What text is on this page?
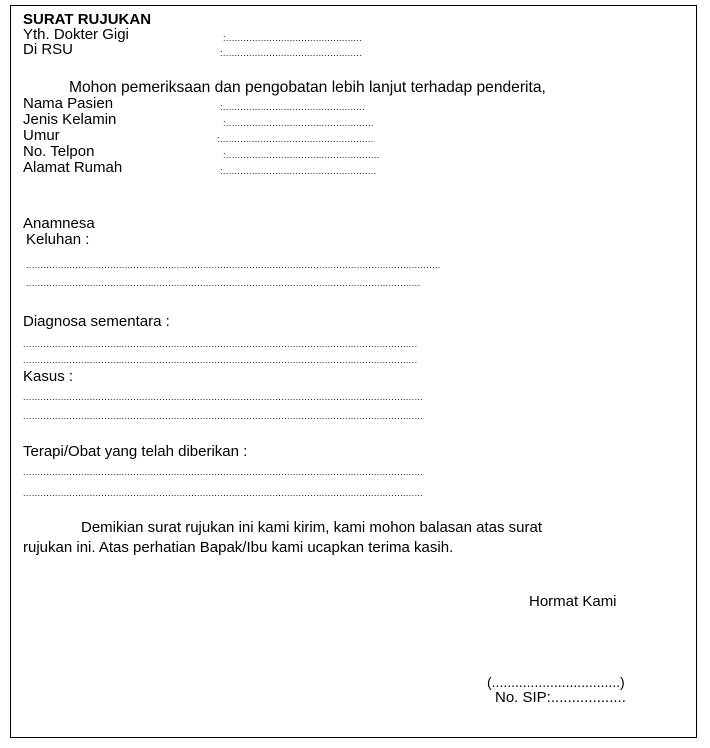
SURAT RUJUKAN
Yth. Dokter Gigi	:...............................................
Di RSU	:................................................
Mohon pemeriksaan dan pengobatan lebih lanjut terhadap penderita,
Nama Pasien	:.................................................
Jenis Kelamin	:...................................................
Umur	:.....................................................
No. Telpon	:.....................................................
Alamat Rumah	:.....................................................
Anamnesa
Keluhan :
...............................................................................................................................................
........................................................................................................................................
Diagnosa sementara :
........................................................................................................................................
........................................................................................................................................
Kasus :
..........................................................................................................................................
..........................................................................................................................................
Terapi/Obat yang telah diberikan :
..........................................................................................................................................
..........................................................................................................................................
Demikian surat rujukan ini kami kirim, kami mohon balasan atas surat
rujukan ini. Atas perhatian Bapak/Ibu kami ucapkan terima kasih.
Hormat Kami
(.................................)
No. SIP:..................
